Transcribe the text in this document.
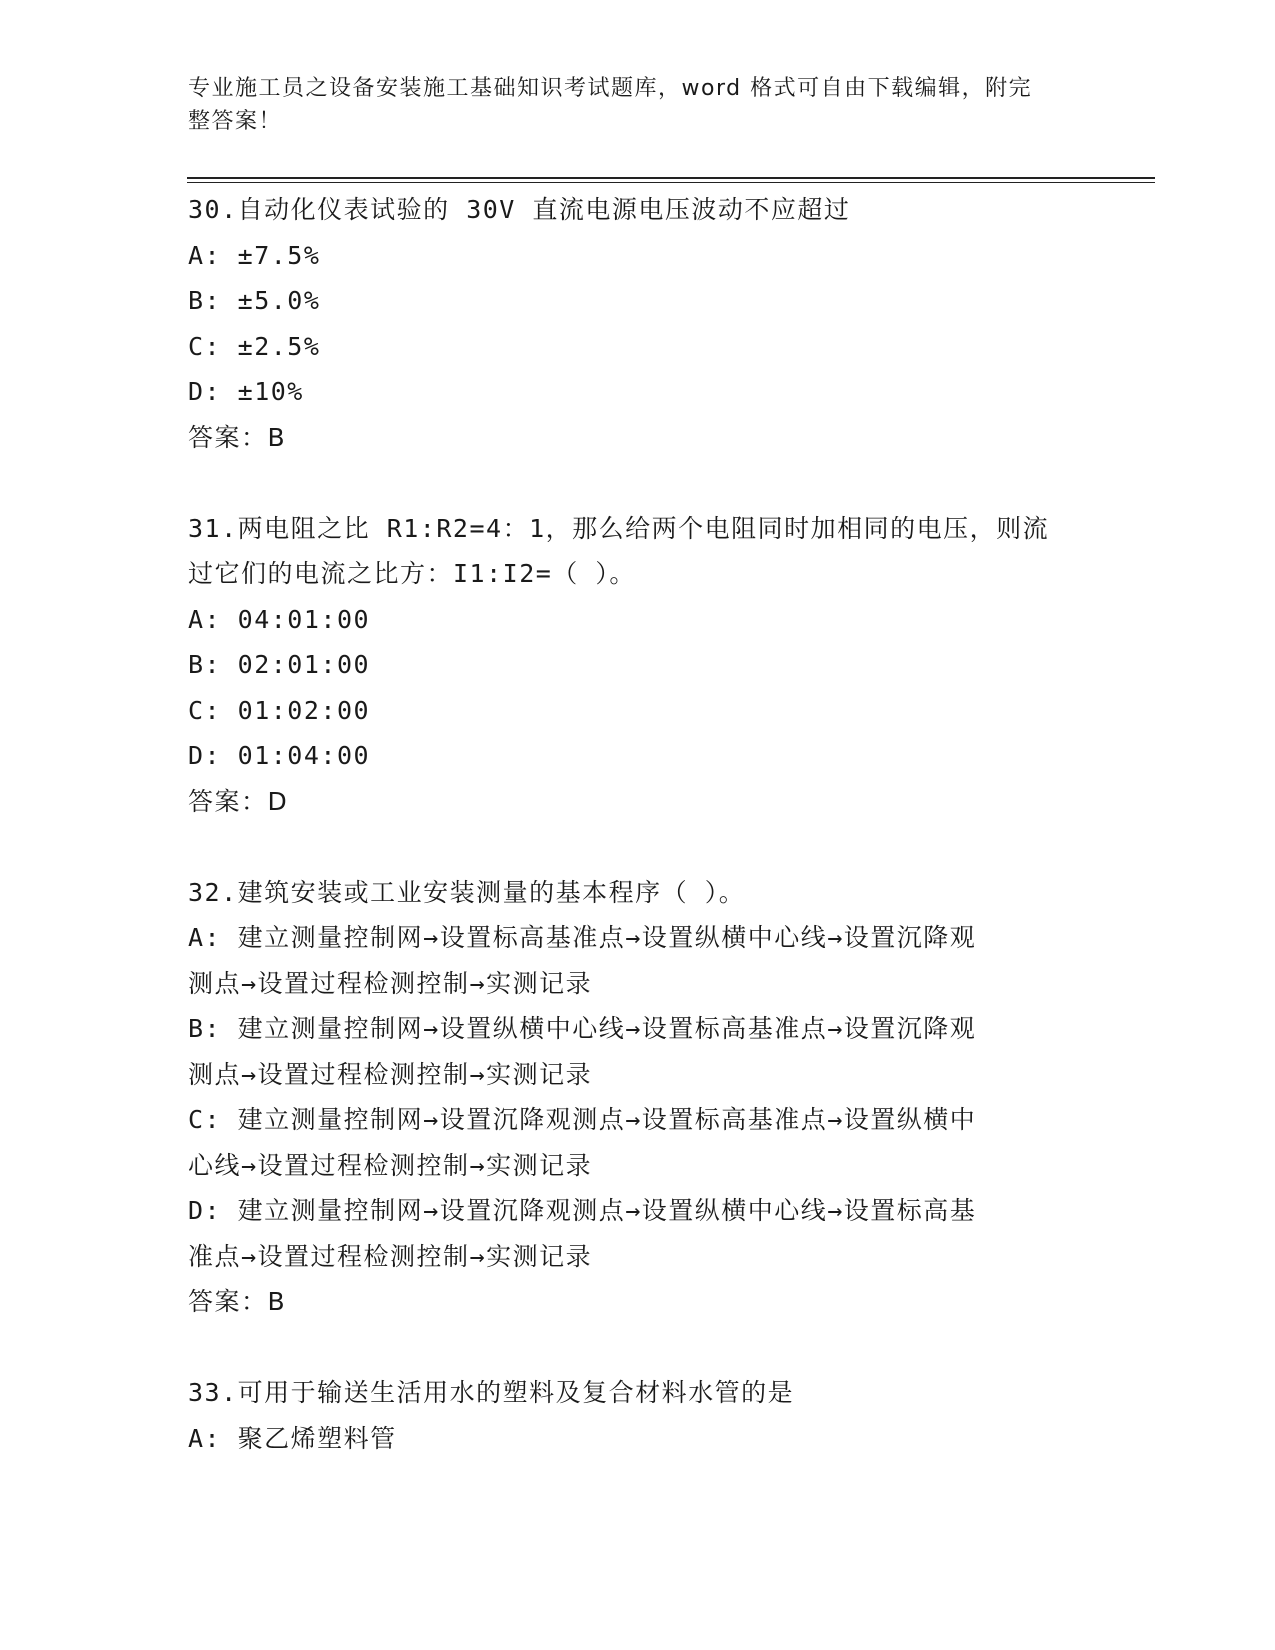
专业施工员之设备安装施工基础知识考试题库，word 格式可自由下载编辑，附完
整答案！
30.自动化仪表试验的 30V 直流电源电压波动不应超过
A: ±7.5%
B: ±5.0%
C: ±2.5%
D: ±10%
答案：B
31.两电阻之比 R1:R2=4：1，那么给两个电阻同时加相同的电压，则流
过它们的电流之比方：I1:I2=（ ）。
A: 04:01:00
B: 02:01:00
C: 01:02:00
D: 01:04:00
答案：D
32.建筑安装或工业安装测量的基本程序（ ）。
A: 建立测量控制网→设置标高基准点→设置纵横中心线→设置沉降观
测点→设置过程检测控制→实测记录
B: 建立测量控制网→设置纵横中心线→设置标高基准点→设置沉降观
测点→设置过程检测控制→实测记录
C: 建立测量控制网→设置沉降观测点→设置标高基准点→设置纵横中
心线→设置过程检测控制→实测记录
D: 建立测量控制网→设置沉降观测点→设置纵横中心线→设置标高基
准点→设置过程检测控制→实测记录
答案：B
33.可用于输送生活用水的塑料及复合材料水管的是
A: 聚乙烯塑料管
